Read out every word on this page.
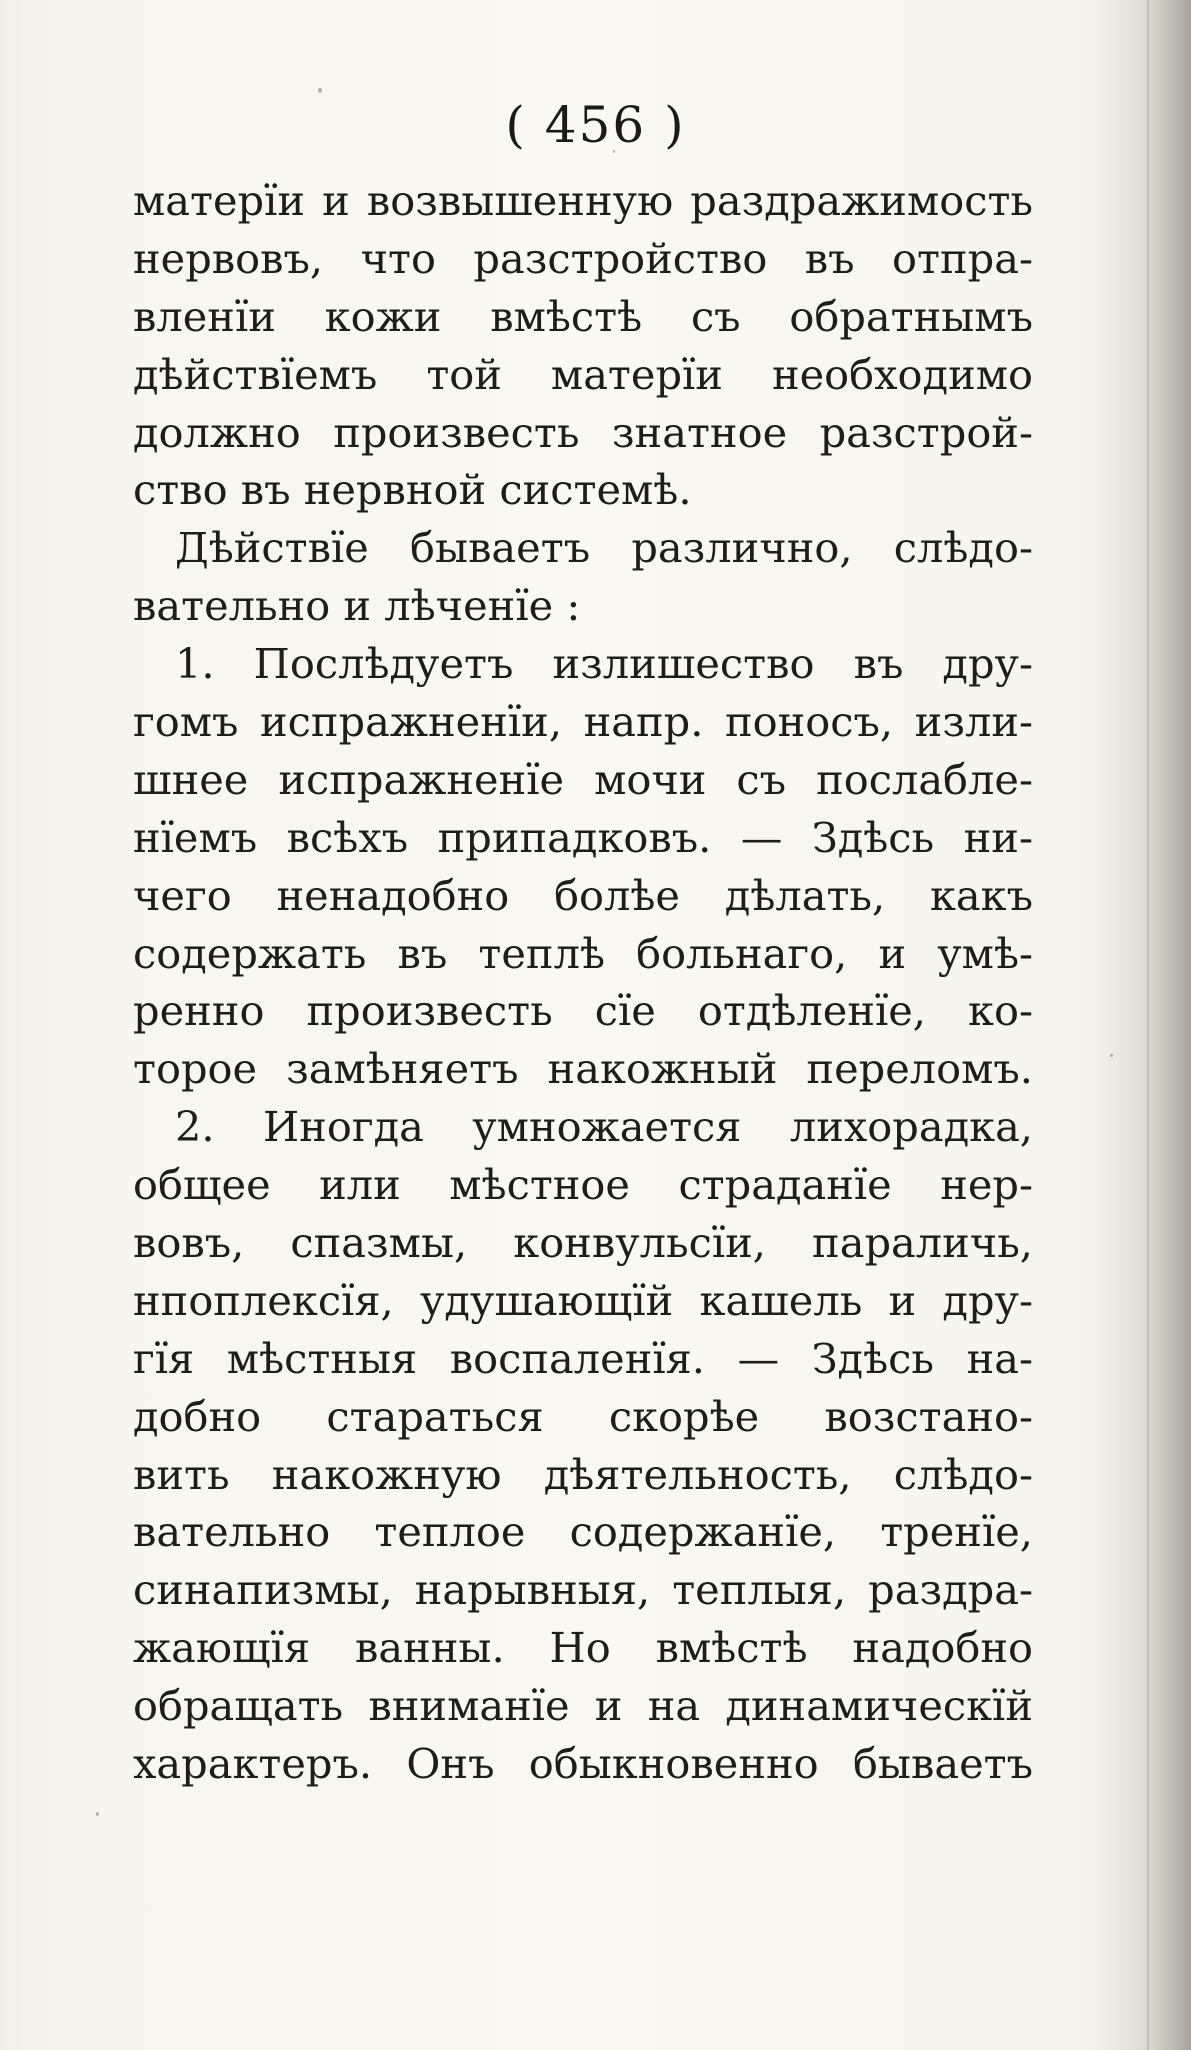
( 456 )
матерїи и возвышенную раздражимость
нервовъ, что разстройство въ отпра-
вленїи кожи вмѣстѣ съ обратнымъ
дѣйствїемъ той матерїи необходимо
должно произвесть знатное разстрой-
ство въ нервной системѣ.
Дѣйствїе бываетъ различно, слѣдо-
вательно и лѣченїе :
1. Послѣдуетъ излишество въ дру-
гомъ испражненїи, напр. поносъ, изли-
шнее испражненїе мочи съ послабле-
нїемъ всѣхъ припадковъ. — Здѣсь ни-
чего ненадобно болѣе дѣлать, какъ
содержать въ теплѣ больнаго, и умѣ-
ренно произвесть сїе отдѣленїе, ко-
торое замѣняетъ накожный переломъ.
2. Иногда умножается лихорадка,
общее или мѣстное страданїе нер-
вовъ, спазмы, конвульсїи, параличь,
нпоплексїя, удушающїй кашель и дру-
гїя мѣстныя воспаленїя. — Здѣсь на-
добно стараться скорѣе возстано-
вить накожную дѣятельность, слѣдо-
вательно теплое содержанїе, тренїе,
синапизмы, нарывныя, теплыя, раздра-
жающїя ванны. Но вмѣстѣ надобно
обращать вниманїе и на динамическїй
характеръ. Онъ обыкновенно бываетъ
